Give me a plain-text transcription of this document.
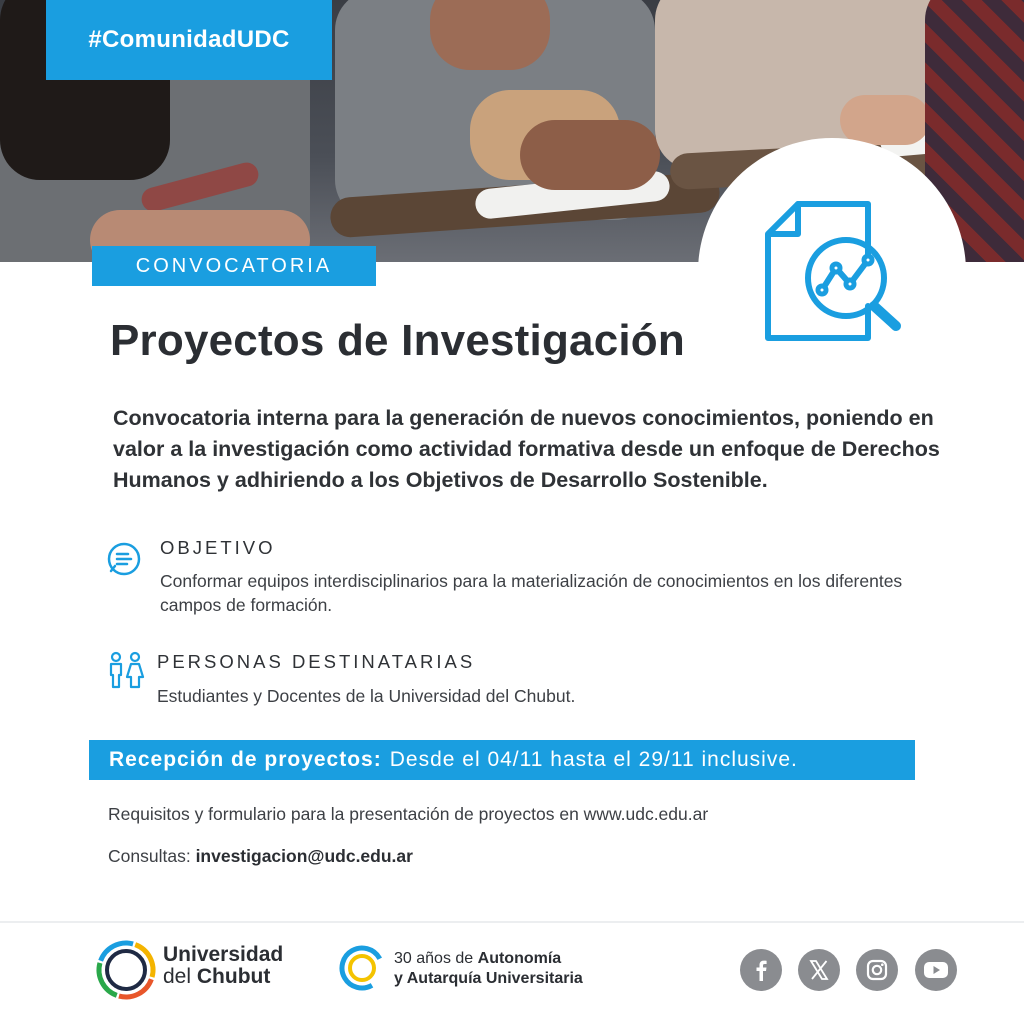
#ComunidadUDC
CONVOCATORIA
Proyectos de Investigación
Convocatoria interna para la generación de nuevos conocimientos, poniendo en valor a la investigación como actividad formativa desde un enfoque de Derechos Humanos y adhiriendo a los Objetivos de Desarrollo Sostenible.
OBJETIVO
Conformar equipos interdisciplinarios para la materialización de conocimientos en los diferentes campos de formación.
PERSONAS DESTINATARIAS
Estudiantes y Docentes de la Universidad del Chubut.
Recepción de proyectos: Desde el 04/11 hasta el 29/11 inclusive.
Requisitos y formulario para la presentación de proyectos en www.udc.edu.ar
Consultas: investigacion@udc.edu.ar
Universidad
del Chubut
30 años de Autonomía
y Autarquía Universitaria
